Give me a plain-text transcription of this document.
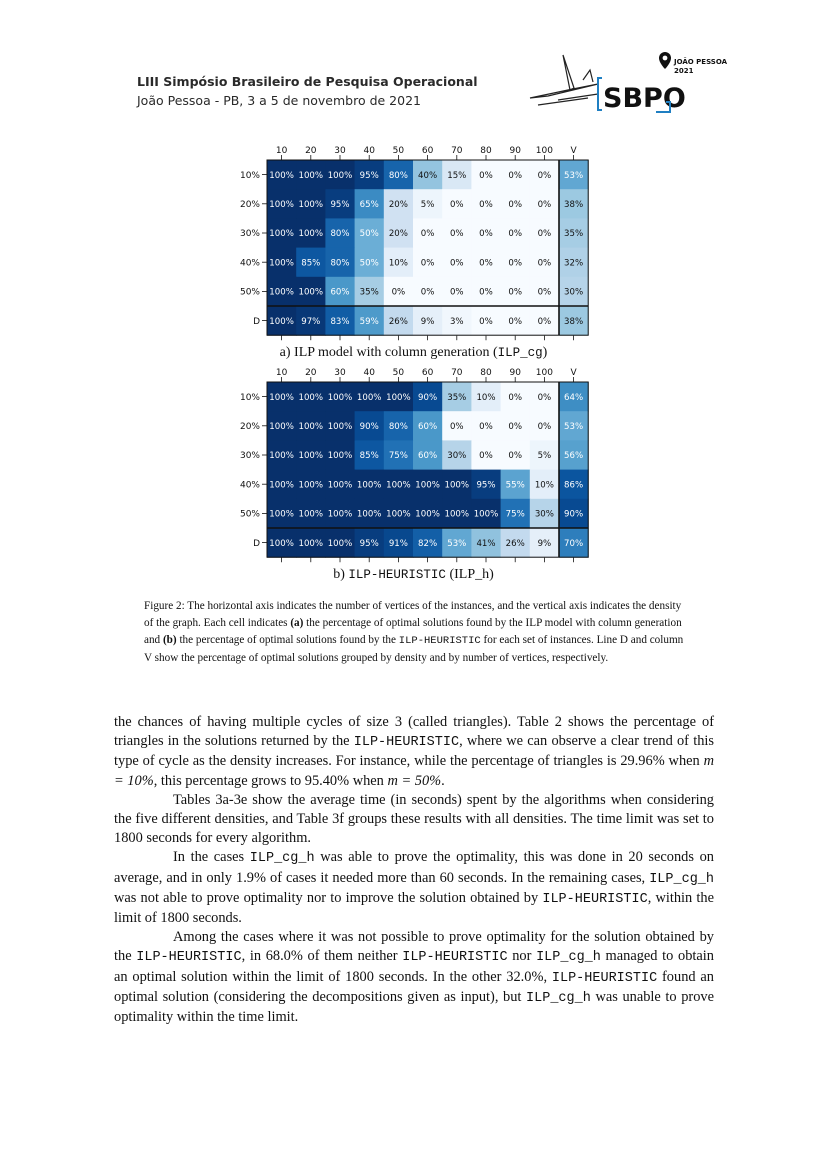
LIII Simpósio Brasileiro de Pesquisa Operacional
João Pessoa - PB, 3 a 5 de novembro de 2021
JOÃO PESSOA
2021
SBPO
10 20 30 40 50 60 70 80 90 100 V
10%
20%
30%
40%
50%
D
100% 100% 100% 95% 80% 40% 15% 0% 0% 0% 53%
100% 100% 95% 65% 20% 5% 0% 0% 0% 0% 38%
100% 100% 80% 50% 20% 0% 0% 0% 0% 0% 35%
100% 85% 80% 50% 10% 0% 0% 0% 0% 0% 32%
100% 100% 60% 35% 0% 0% 0% 0% 0% 0% 30%
100% 97% 83% 59% 26% 9% 3% 0% 0% 0% 38%
a) ILP model with column generation (ILP_cg)
10 20 30 40 50 60 70 80 90 100 V
10%
20%
30%
40%
50%
D
100% 100% 100% 100% 100% 90% 35% 10% 0% 0% 64%
100% 100% 100% 90% 80% 60% 0% 0% 0% 0% 53%
100% 100% 100% 85% 75% 60% 30% 0% 0% 5% 56%
100% 100% 100% 100% 100% 100% 100% 95% 55% 10% 86%
100% 100% 100% 100% 100% 100% 100% 100% 75% 30% 90%
100% 100% 100% 95% 91% 82% 53% 41% 26% 9% 70%
b) ILP-HEURISTIC (ILP_h)
Figure 2: The horizontal axis indicates the number of vertices of the instances, and the vertical axis indicates the density of the graph. Each cell indicates (a) the percentage of optimal solutions found by the ILP model with column generation and (b) the percentage of optimal solutions found by the ILP-HEURISTIC for each set of instances. Line D and column V show the percentage of optimal solutions grouped by density and by number of vertices, respectively.

the chances of having multiple cycles of size 3 (called triangles). Table 2 shows the percentage of triangles in the solutions returned by the ILP-HEURISTIC, where we can observe a clear trend of this type of cycle as the density increases. For instance, while the percentage of triangles is 29.96% when m = 10%, this percentage grows to 95.40% when m = 50%.

Tables 3a-3e show the average time (in seconds) spent by the algorithms when considering the five different densities, and Table 3f groups these results with all densities. The time limit was set to 1800 seconds for every algorithm.

In the cases ILP_cg_h was able to prove the optimality, this was done in 20 seconds on average, and in only 1.9% of cases it needed more than 60 seconds. In the remaining cases, ILP_cg_h was not able to prove optimality nor to improve the solution obtained by ILP-HEURISTIC, within the limit of 1800 seconds.

Among the cases where it was not possible to prove optimality for the solution obtained by the ILP-HEURISTIC, in 68.0% of them neither ILP-HEURISTIC nor ILP_cg_h managed to obtain an optimal solution within the limit of 1800 seconds. In the other 32.0%, ILP-HEURISTIC found an optimal solution (considering the decompositions given as input), but ILP_cg_h was unable to prove optimality within the time limit.
